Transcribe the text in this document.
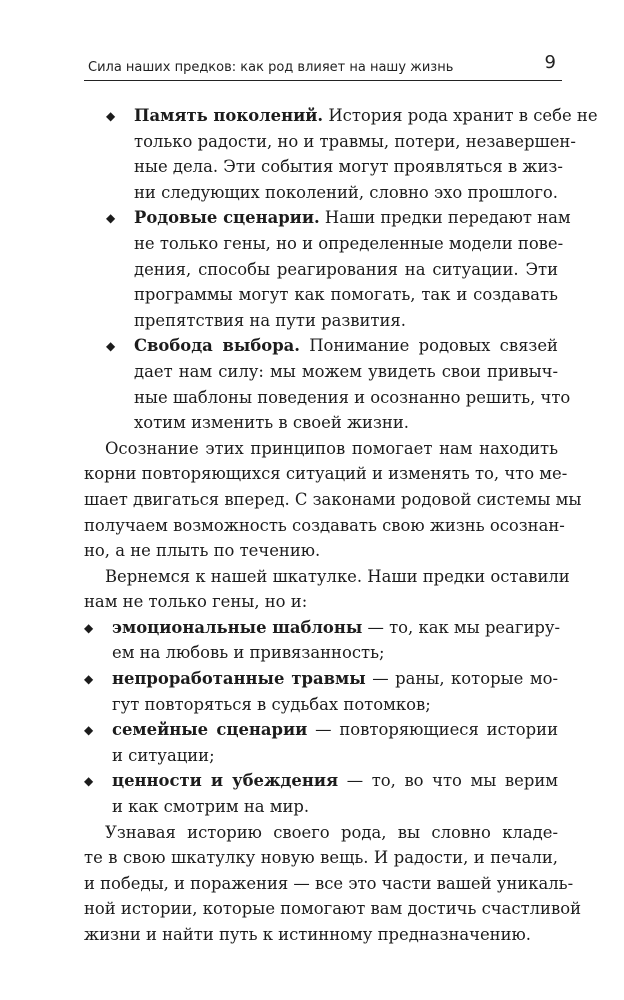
Сила наших предков: как род влияет на нашу жизнь	9
◆ Память поколений. История рода хранит в себе не
только радости, но и травмы, потери, незавершен-
ные дела. Эти события могут проявляться в жиз-
ни следующих поколений, словно эхо прошлого.
◆ Родовые сценарии. Наши предки передают нам
не только гены, но и определенные модели пове-
дения, способы реагирования на ситуации. Эти
программы могут как помогать, так и создавать
препятствия на пути развития.
◆ Свобода выбора. Понимание родовых связей
дает нам силу: мы можем увидеть свои привыч-
ные шаблоны поведения и осознанно решить, что
хотим изменить в своей жизни.
Осознание этих принципов помогает нам находить
корни повторяющихся ситуаций и изменять то, что ме-
шает двигаться вперед. С законами родовой системы мы
получаем возможность создавать свою жизнь осознан-
но, а не плыть по течению.
Вернемся к нашей шкатулке. Наши предки оставили
нам не только гены, но и:
◆ эмоциональные шаблоны — то, как мы реагиру-
ем на любовь и привязанность;
◆ непроработанные травмы — раны, которые мо-
гут повторяться в судьбах потомков;
◆ семейные сценарии — повторяющиеся истории
и ситуации;
◆ ценности и убеждения — то, во что мы верим
и как смотрим на мир.
Узнавая историю своего рода, вы словно кладе-
те в свою шкатулку новую вещь. И радости, и печали,
и победы, и поражения — все это части вашей уникаль-
ной истории, которые помогают вам достичь счастливой
жизни и найти путь к истинному предназначению.
